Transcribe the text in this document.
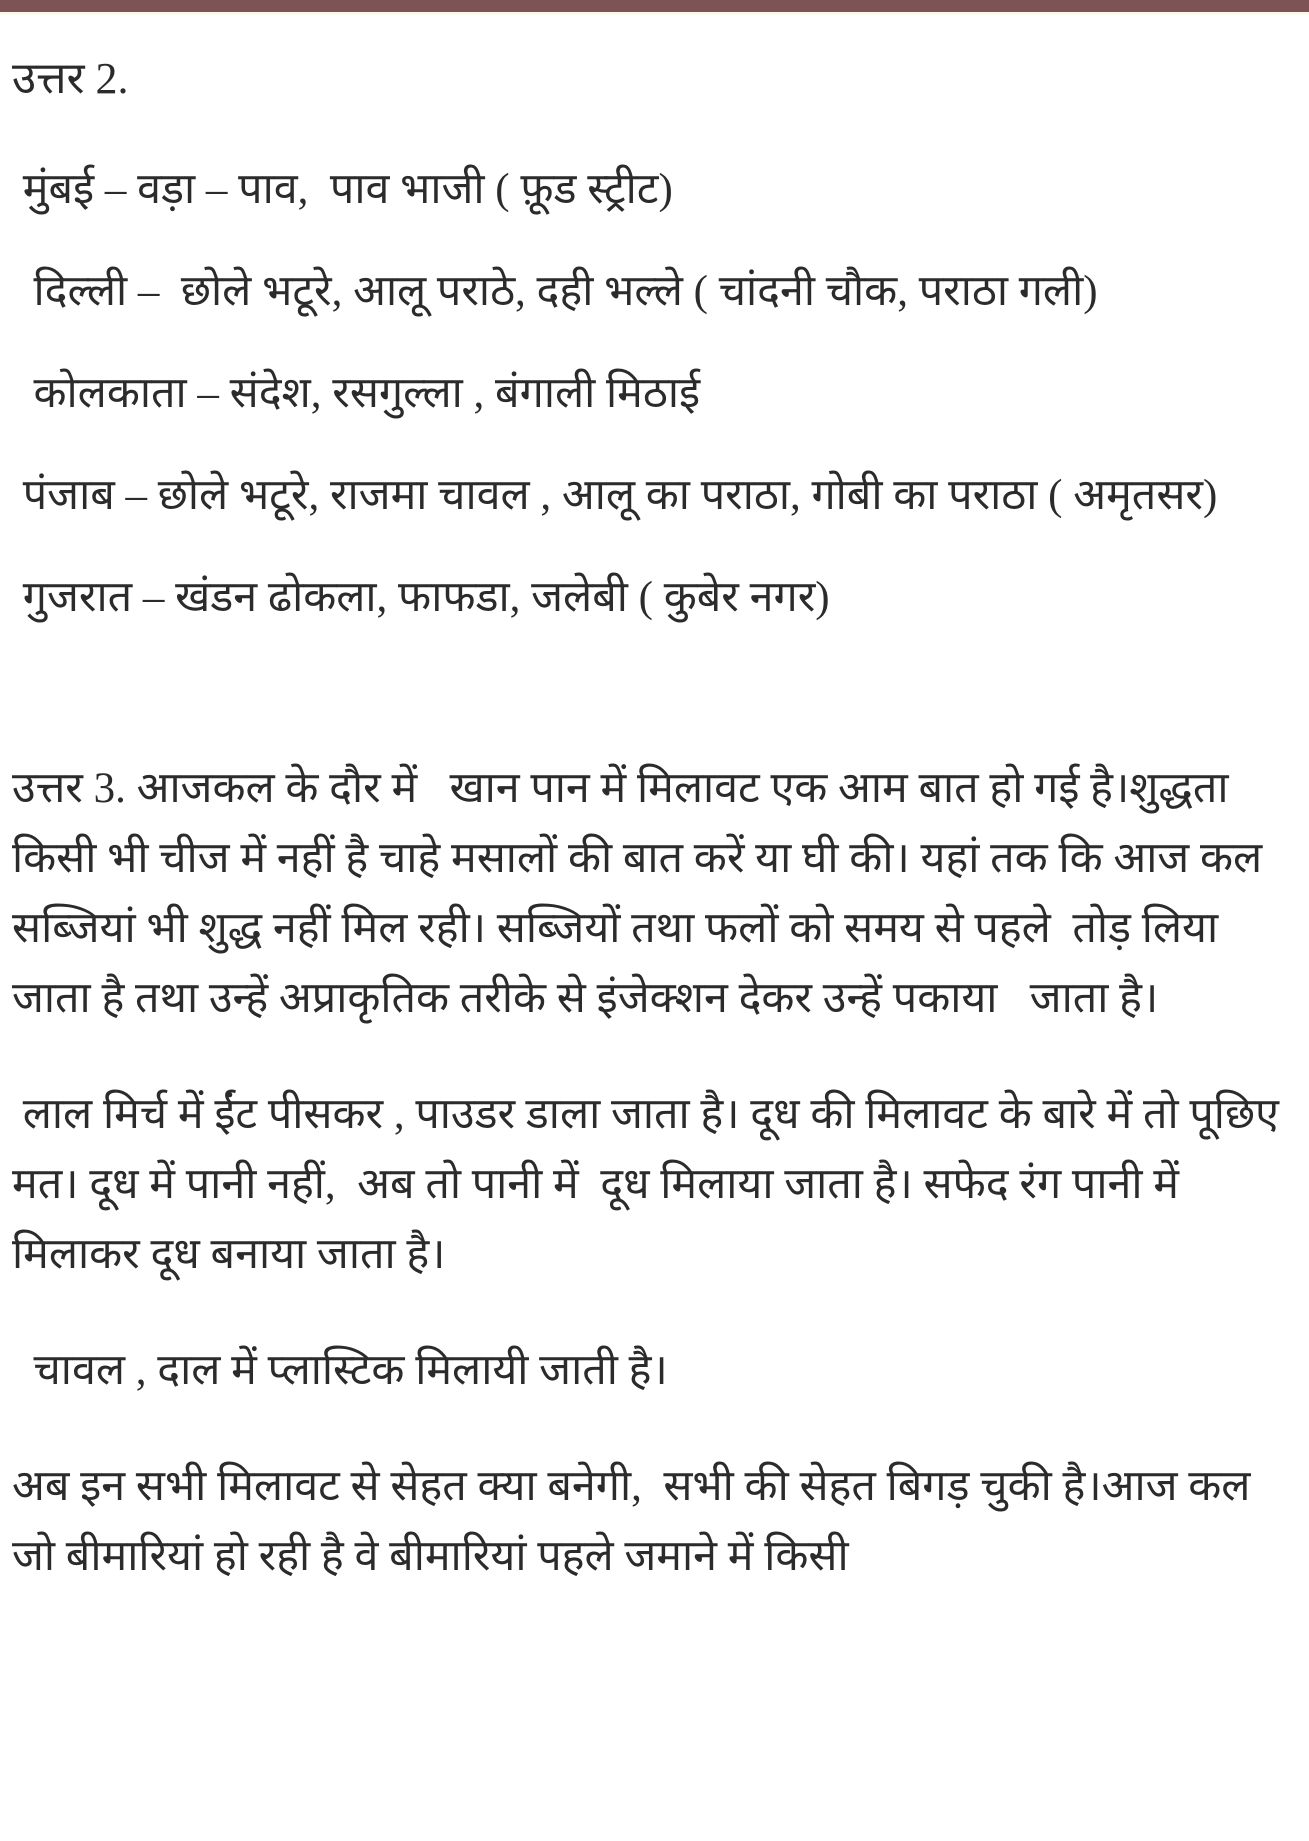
उत्तर 2.

मुंबई – वड़ा – पाव,  पाव भाजी ( फ़ूड स्ट्रीट)

दिल्ली –  छोले भटूरे, आलू पराठे, दही भल्ले ( चांदनी चौक, पराठा गली)

कोलकाता – संदेश, रसगुल्ला , बंगाली मिठाई

पंजाब – छोले भटूरे, राजमा चावल , आलू का पराठा, गोबी का पराठा ( अमृतसर)

गुजरात – खंडन ढोकला, फाफडा, जलेबी ( कुबेर नगर)

उत्तर 3. आजकल के दौर में   खान पान में मिलावट एक आम बात हो गई है।शुद्धता किसी भी चीज में नहीं है चाहे मसालों की बात करें या घी की। यहां तक कि आज कल सब्जियां भी शुद्ध नहीं मिल रही। सब्जियों तथा फलों को समय से पहले  तोड़ लिया जाता है तथा उन्हें अप्राकृतिक तरीके से इंजेक्शन देकर उन्हें पकाया   जाता है।

लाल मिर्च में ईंट पीसकर , पाउडर डाला जाता है। दूध की मिलावट के बारे में तो पूछिए मत। दूध में पानी नहीं,  अब तो पानी में  दूध मिलाया जाता है। सफेद रंग पानी में मिलाकर दूध बनाया जाता है।

चावल , दाल में प्लास्टिक मिलायी जाती है।

अब इन सभी मिलावट से सेहत क्या बनेगी,  सभी की सेहत बिगड़ चुकी है।आज कल जो बीमारियां हो रही है वे बीमारियां पहले जमाने में किसी
